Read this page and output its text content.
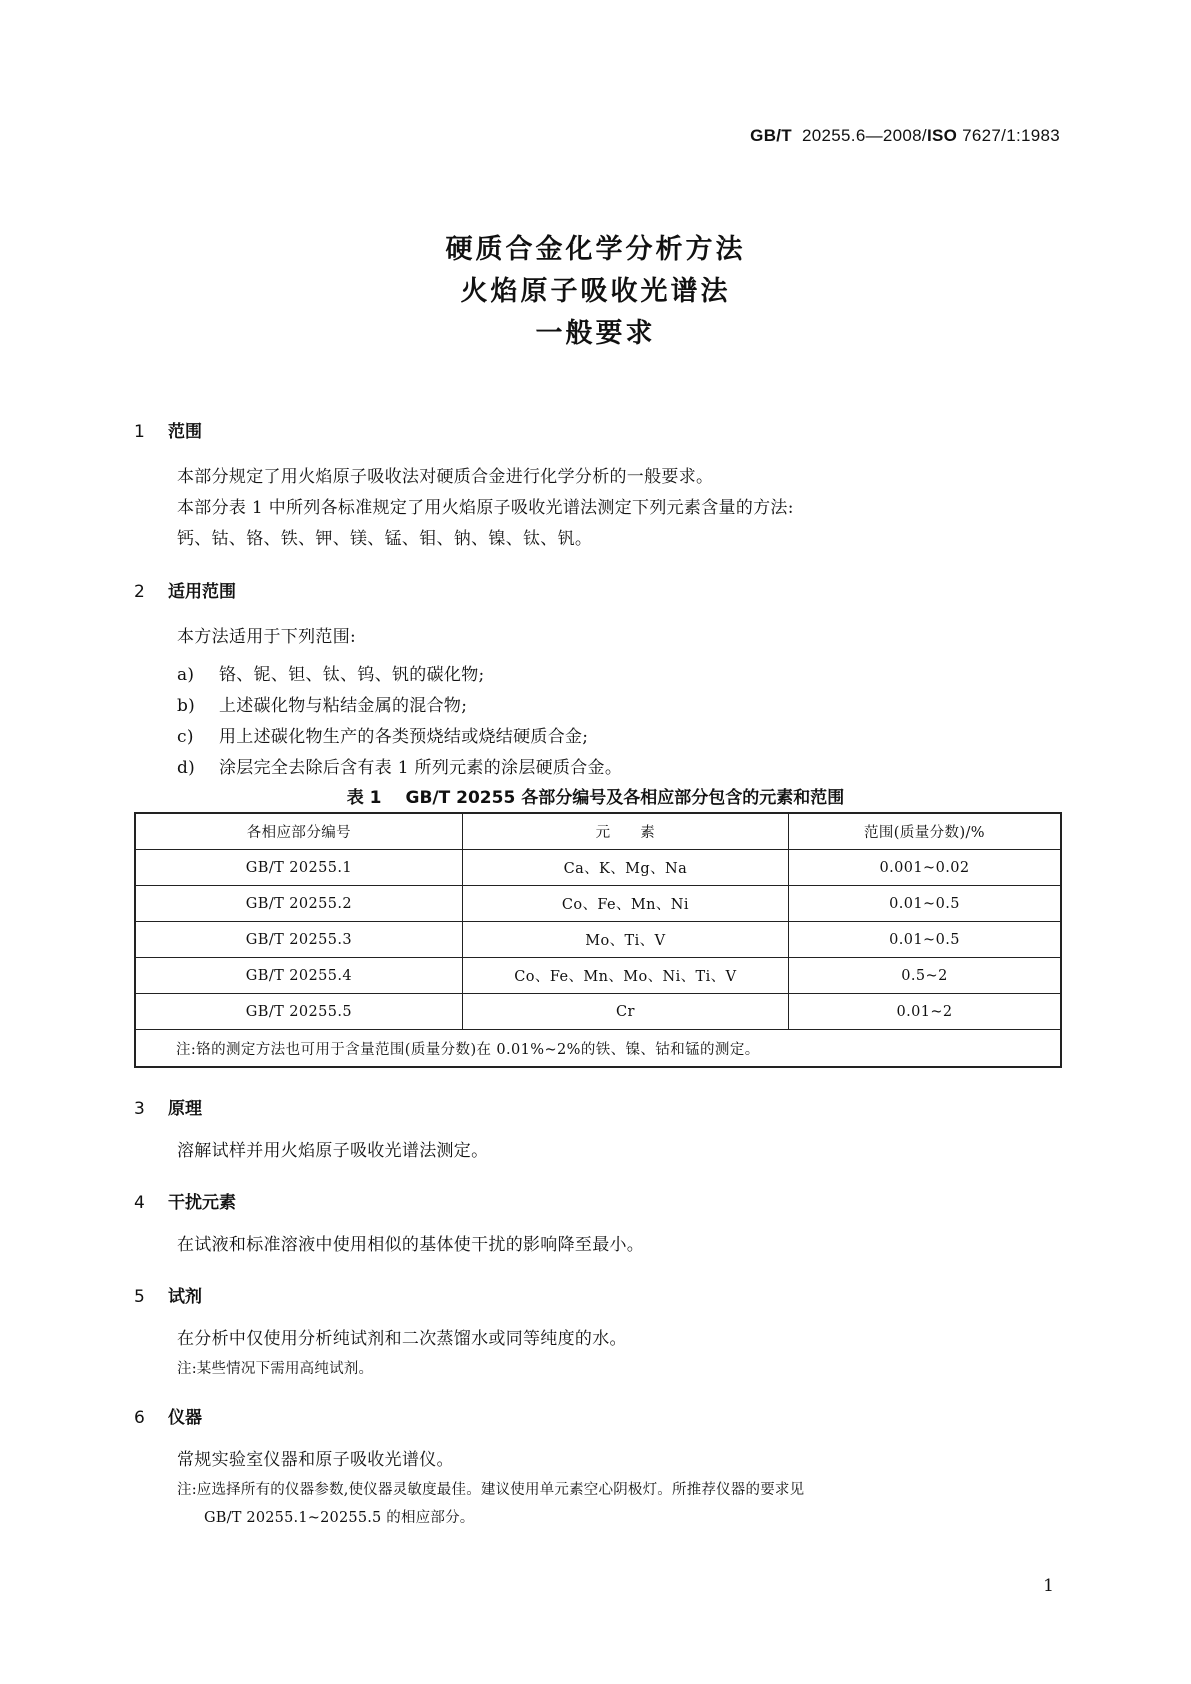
GB/T 20255.6—2008/ISO 7627/1:1983
硬质合金化学分析方法
火焰原子吸收光谱法
一般要求
1 范围
本部分规定了用火焰原子吸收法对硬质合金进行化学分析的一般要求。
本部分表 1 中所列各标准规定了用火焰原子吸收光谱法测定下列元素含量的方法:
钙、钴、铬、铁、钾、镁、锰、钼、钠、镍、钛、钒。
2 适用范围
本方法适用于下列范围:
a) 铬、铌、钽、钛、钨、钒的碳化物;
b) 上述碳化物与粘结金属的混合物;
c) 用上述碳化物生产的各类预烧结或烧结硬质合金;
d) 涂层完全去除后含有表 1 所列元素的涂层硬质合金。
表 1 GB/T 20255 各部分编号及各相应部分包含的元素和范围
各相应部分编号	元　　素	范围(质量分数)/%
GB/T 20255.1	Ca、K、Mg、Na	0.001~0.02
GB/T 20255.2	Co、Fe、Mn、Ni	0.01~0.5
GB/T 20255.3	Mo、Ti、V	0.01~0.5
GB/T 20255.4	Co、Fe、Mn、Mo、Ni、Ti、V	0.5~2
GB/T 20255.5	Cr	0.01~2
注:铬的测定方法也可用于含量范围(质量分数)在 0.01%~2%的铁、镍、钴和锰的测定。		
3 原理
溶解试样并用火焰原子吸收光谱法测定。
4 干扰元素
在试液和标准溶液中使用相似的基体使干扰的影响降至最小。
5 试剂
在分析中仅使用分析纯试剂和二次蒸馏水或同等纯度的水。
注:某些情况下需用高纯试剂。
6 仪器
常规实验室仪器和原子吸收光谱仪。
注:应选择所有的仪器参数,使仪器灵敏度最佳。建议使用单元素空心阴极灯。所推荐仪器的要求见
GB/T 20255.1~20255.5 的相应部分。
1
